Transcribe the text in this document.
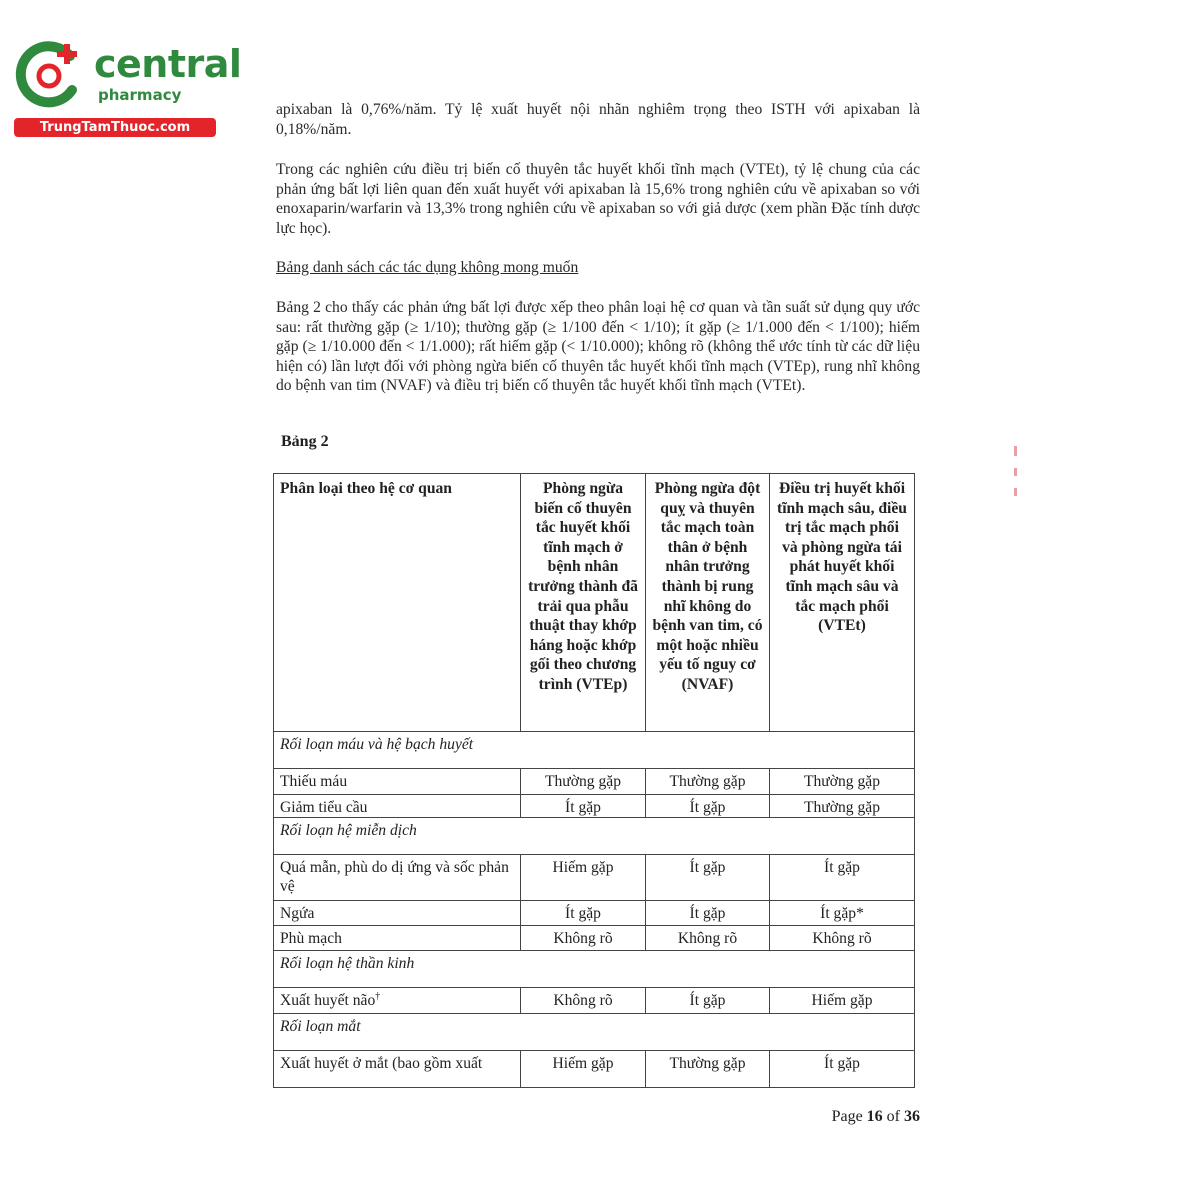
central
pharmacy
TrungTamThuoc.com

apixaban là 0,76%/năm. Tỷ lệ xuất huyết nội nhãn nghiêm trọng theo ISTH với apixaban là 0,18%/năm.

Trong các nghiên cứu điều trị biến cố thuyên tắc huyết khối tĩnh mạch (VTEt), tỷ lệ chung của các phản ứng bất lợi liên quan đến xuất huyết với apixaban là 15,6% trong nghiên cứu về apixaban so với enoxaparin/warfarin và 13,3% trong nghiên cứu về apixaban so với giả dược (xem phần Đặc tính dược lực học).

Bảng danh sách các tác dụng không mong muốn

Bảng 2 cho thấy các phản ứng bất lợi được xếp theo phân loại hệ cơ quan và tần suất sử dụng quy ước sau: rất thường gặp (≥ 1/10); thường gặp (≥ 1/100 đến < 1/10); ít gặp (≥ 1/1.000 đến < 1/100); hiếm gặp (≥ 1/10.000 đến < 1/1.000); rất hiếm gặp (< 1/10.000); không rõ (không thể ước tính từ các dữ liệu hiện có) lần lượt đối với phòng ngừa biến cố thuyên tắc huyết khối tĩnh mạch (VTEp), rung nhĩ không do bệnh van tim (NVAF) và điều trị biến cố thuyên tắc huyết khối tĩnh mạch (VTEt).

Bảng 2

Phân loại theo hệ cơ quan	Phòng ngừa biến cố thuyên tắc huyết khối tĩnh mạch ở bệnh nhân trưởng thành đã trải qua phẫu thuật thay khớp háng hoặc khớp gối theo chương trình (VTEp)	Phòng ngừa đột quỵ và thuyên tắc mạch toàn thân ở bệnh nhân trưởng thành bị rung nhĩ không do bệnh van tim, có một hoặc nhiều yếu tố nguy cơ (NVAF)	Điều trị huyết khối tĩnh mạch sâu, điều trị tắc mạch phổi và phòng ngừa tái phát huyết khối tĩnh mạch sâu và tắc mạch phổi (VTEt)
Rối loạn máu và hệ bạch huyết			
Thiếu máu	Thường gặp	Thường gặp	Thường gặp
Giảm tiểu cầu	Ít gặp	Ít gặp	Thường gặp
Rối loạn hệ miễn dịch			
Quá mẫn, phù do dị ứng và sốc phản vệ	Hiếm gặp	Ít gặp	Ít gặp
Ngứa	Ít gặp	Ít gặp	Ít gặp*
Phù mạch	Không rõ	Không rõ	Không rõ
Rối loạn hệ thần kinh			
Xuất huyết não†	Không rõ	Ít gặp	Hiếm gặp
Rối loạn mắt			
Xuất huyết ở mắt (bao gồm xuất	Hiếm gặp	Thường gặp	Ít gặp

Page 16 of 36
